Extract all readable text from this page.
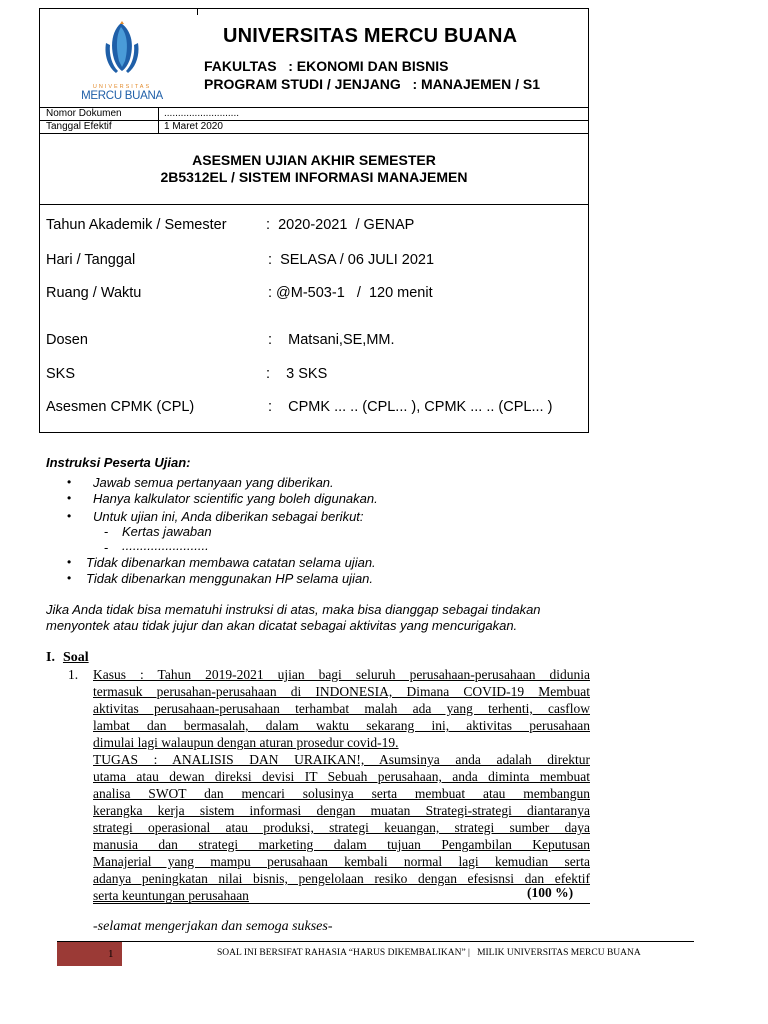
UNIVERSITAS
MERCU BUANA
UNIVERSITAS MERCU BUANA
FAKULTAS   : EKONOMI DAN BISNIS
PROGRAM STUDI / JENJANG   : MANAJEMEN / S1
Nomor Dokumen	...........................
Tanggal Efektif	1 Maret 2020
ASESMEN UJIAN AKHIR SEMESTER
2B5312EL / SISTEM INFORMASI MANAJEMEN
Tahun Akademik / Semester	:  2020-2021  / GENAP
Hari / Tanggal	:  SELASA / 06 JULI 2021
Ruang / Waktu	: @M-503-1   /  120 menit
Dosen	:    Matsani,SE,MM.
SKS	:    3 SKS
Asesmen CPMK (CPL)	:    CPMK ... .. (CPL... ), CPMK ... .. (CPL... )
Instruksi Peserta Ujian:
• Jawab semua pertanyaan yang diberikan.
• Hanya kalkulator scientific yang boleh digunakan.
• Untuk ujian ini, Anda diberikan sebagai berikut:
- Kertas jawaban
- ........................
• Tidak dibenarkan membawa catatan selama ujian.
• Tidak dibenarkan menggunakan HP selama ujian.
Jika Anda tidak bisa mematuhi instruksi di atas, maka bisa dianggap sebagai tindakan menyontek atau tidak jujur dan akan dicatat sebagai aktivitas yang mencurigakan.
I. Soal
1. Kasus : Tahun 2019-2021 ujian bagi seluruh perusahaan-perusahaan didunia
termasuk perusahan-perusahaan di INDONESIA, Dimana COVID-19 Membuat
aktivitas perusahaan-perusahaan terhambat malah ada yang terhenti, casflow
lambat dan bermasalah, dalam waktu sekarang ini, aktivitas perusahaan
dimulai lagi walaupun dengan aturan prosedur covid-19.
TUGAS : ANALISIS DAN URAIKAN!, Asumsinya anda adalah direktur
utama atau dewan direksi devisi IT Sebuah perusahaan, anda diminta membuat
analisa SWOT dan mencari solusinya serta membuat atau membangun
kerangka kerja sistem informasi dengan muatan Strategi-strategi diantaranya
strategi operasional atau produksi, strategi keuangan, strategi sumber daya
manusia dan strategi marketing dalam tujuan Pengambilan Keputusan
Manajerial yang mampu perusahaan kembali normal lagi kemudian serta
adanya peningkatan nilai bisnis, pengelolaan resiko dengan efesisnsi dan efektif
serta keuntungan perusahaan	(100 %)
-selamat mengerjakan dan semoga sukses-
1	SOAL INI BERSIFAT RAHASIA “HARUS DIKEMBALIKAN” |   MILIK UNIVERSITAS MERCU BUANA
